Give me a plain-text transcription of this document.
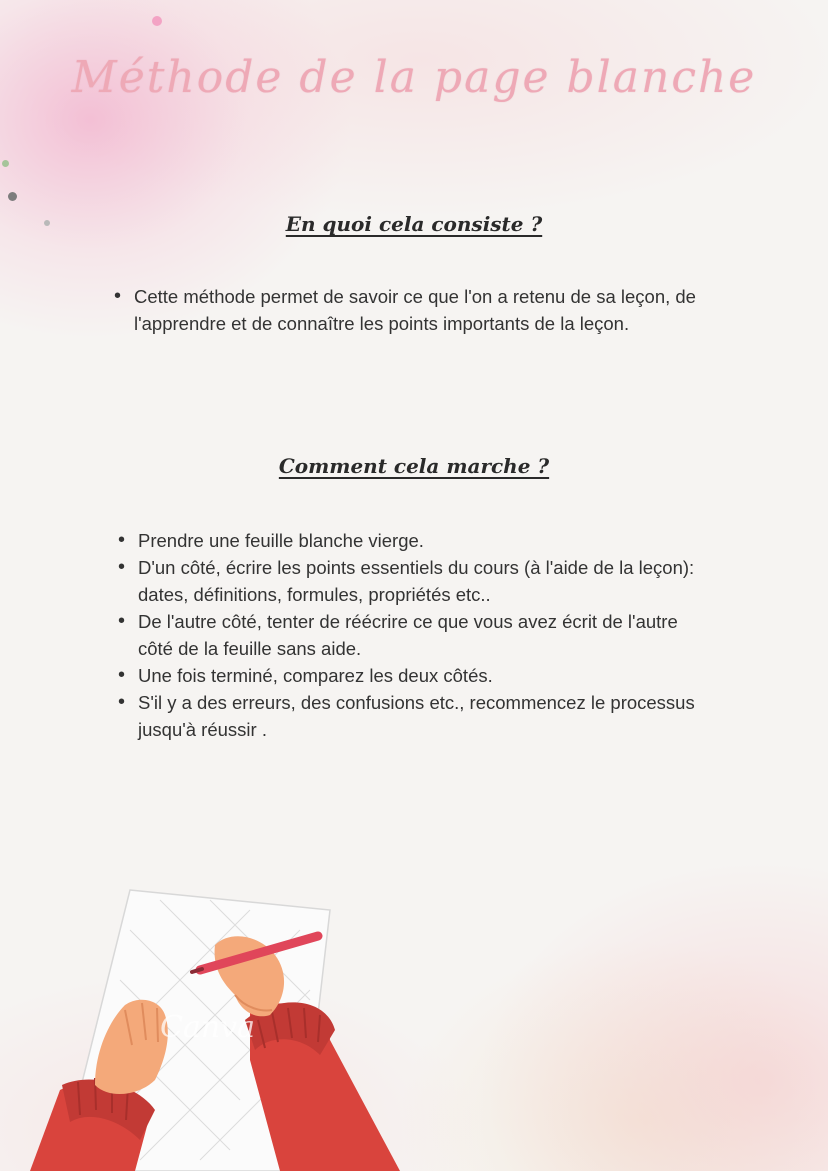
Méthode de la page blanche
En quoi cela consiste ?
• Cette méthode permet de savoir ce que l'on a retenu de sa leçon, de l'apprendre et de connaître les points importants de la leçon.
Comment cela marche ?
• Prendre une feuille blanche vierge.
• D'un côté, écrire les points essentiels du cours (à l'aide de la leçon): dates, définitions, formules, propriétés etc..
• De l'autre côté, tenter de réécrire ce que vous avez écrit de l'autre côté de la feuille sans aide.
• Une fois terminé, comparez les deux côtés.
• S'il y a des erreurs, des confusions etc., recommencez le processus jusqu'à réussir .
Canva
